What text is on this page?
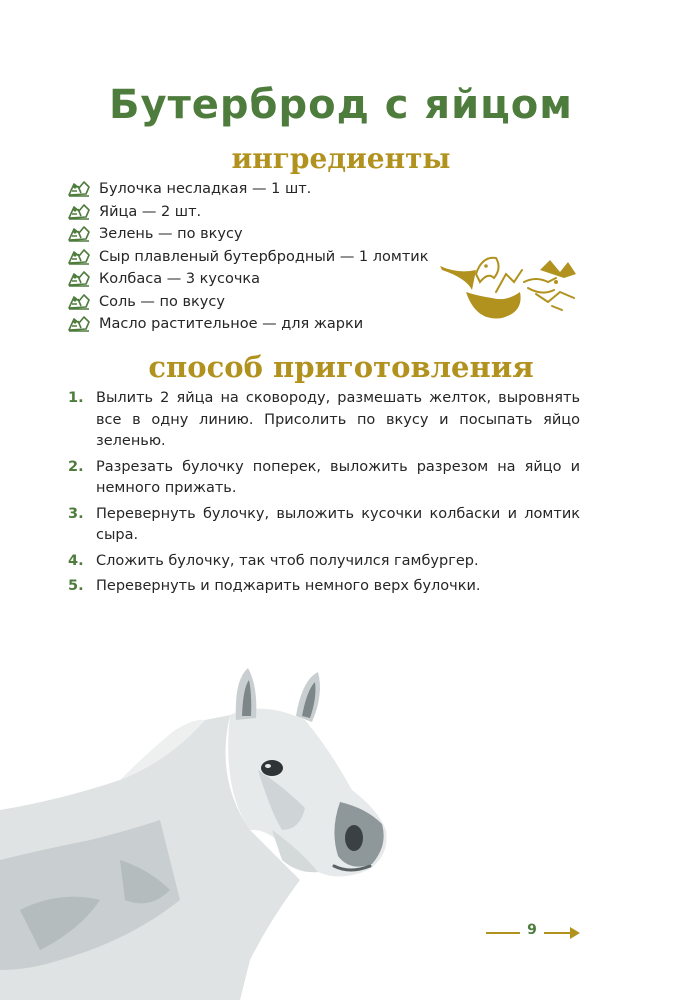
Бутерброд с яйцом
ингредиенты
Булочка несладкая — 1 шт.
Яйца — 2 шт.
Зелень — по вкусу
Сыр плавленый бутербродный — 1 ломтик
Колбаса — 3 кусочка
Соль — по вкусу
Масло растительное — для жарки
способ приготовления
1. Вылить 2 яйца на сковороду, размешать желток, выровнять все в одну линию. Присолить по вкусу и посыпать яйцо зеленью.
2. Разрезать булочку поперек, выложить разрезом на яйцо и немного прижать.
3. Перевернуть булочку, выложить кусочки колбаски и ломтик сыра.
4. Сложить булочку, так чтоб получился гамбургер.
5. Перевернуть и поджарить немного верх булочки.
9
